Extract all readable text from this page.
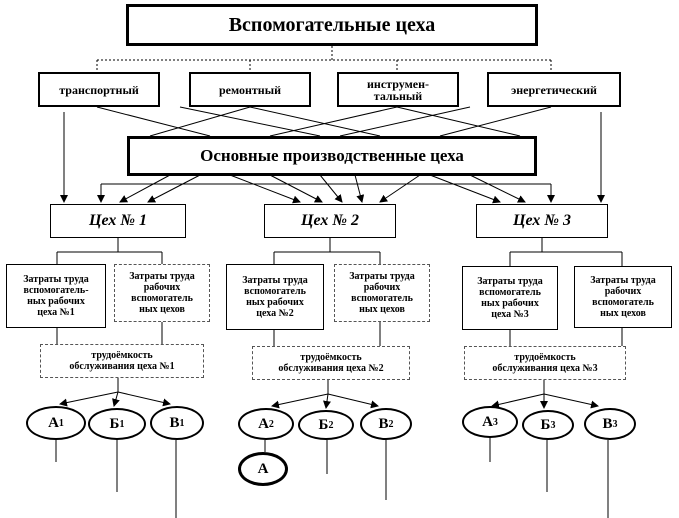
Вспомогательные цеха
транспортный	ремонтный	инструмен-
тальный	энергетический
Основные производственные цеха
Цех № 1	Цех № 2	Цех № 3
Затраты труда
вспомогатель-
ных рабочих
цеха №1
Затраты труда
рабочих
вспомогатель
ных цехов
Затраты труда
вспомогатель
ных рабочих
цеха №2
Затраты труда
рабочих
вспомогатель
ных цехов
Затраты труда
вспомогатель
ных рабочих
цеха №3
Затраты труда
рабочих
вспомогатель
ных цехов
трудоёмкость
обслуживания цеха №1
трудоёмкость
обслуживания цеха №2
трудоёмкость
обслуживания цеха №3
А 1	Б 1	В 1	А 2	Б 2	В 2
А
А 3	Б 3	В 3
